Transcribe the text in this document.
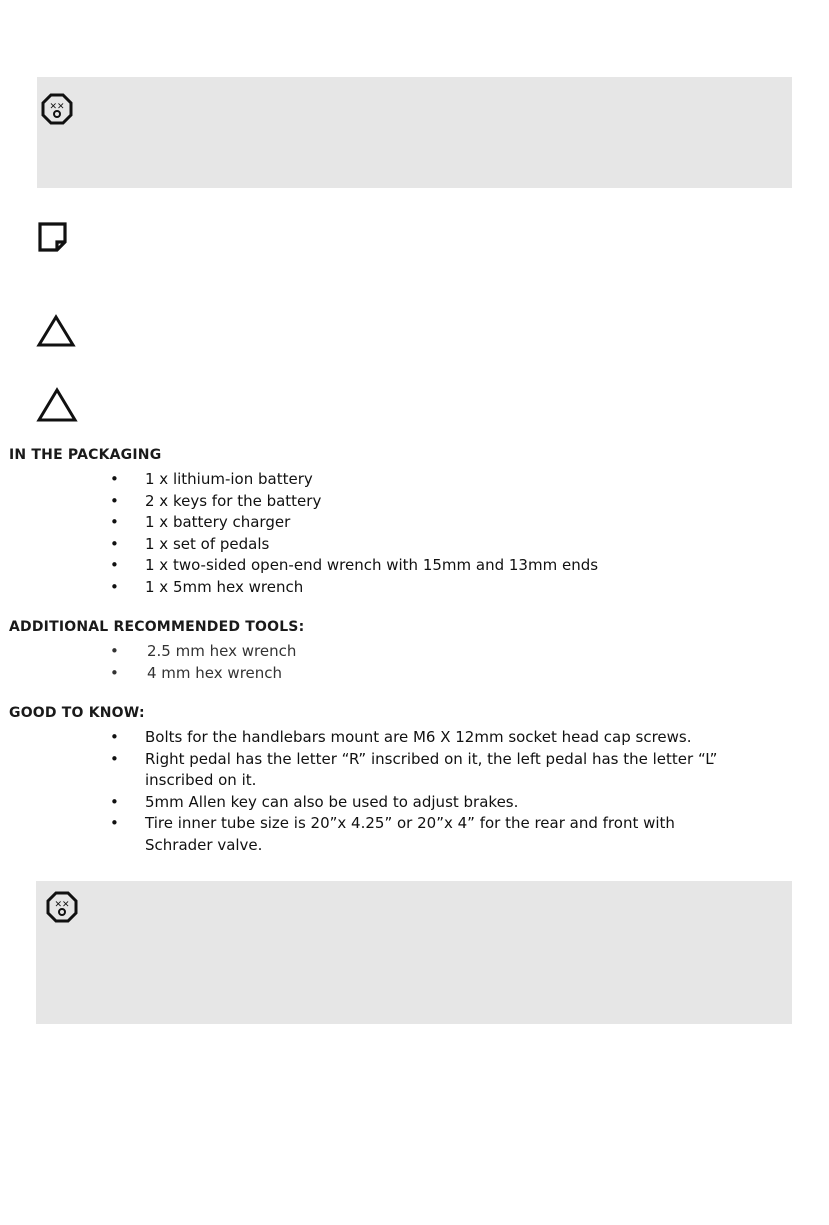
✕✕
IN THE PACKAGING
• 1 x lithium-ion battery
• 2 x keys for the battery
• 1 x battery charger
• 1 x set of pedals
• 1 x two-sided open-end wrench with 15mm and 13mm ends
• 1 x 5mm hex wrench
ADDITIONAL RECOMMENDED TOOLS:
• 2.5 mm hex wrench
• 4 mm hex wrench
GOOD TO KNOW:
• Bolts for the handlebars mount are M6 X 12mm socket head cap screws.
• Right pedal has the letter “R” inscribed on it, the left pedal has the letter “L”
inscribed on it.
• 5mm Allen key can also be used to adjust brakes.
• Tire inner tube size is 20”x 4.25” or 20”x 4” for the rear and front with
Schrader valve.
✕✕
